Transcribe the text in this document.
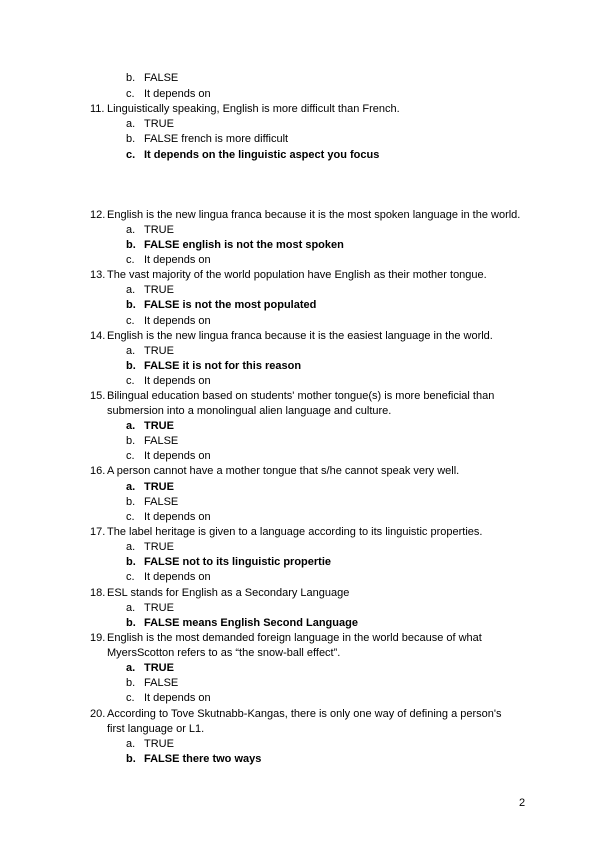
b. FALSE
c. It depends on
11. Linguistically speaking, English is more difficult than French.
a. TRUE
b. FALSE french is more difficult
c. It depends on the linguistic aspect you focus
12. English is the new lingua franca because it is the most spoken language in the world.
a. TRUE
b. FALSE english is not the most spoken
c. It depends on
13. The vast majority of the world population have English as their mother tongue.
a. TRUE
b. FALSE is not the most populated
c. It depends on
14. English is the new lingua franca because it is the easiest language in the world.
a. TRUE
b. FALSE it is not for this reason
c. It depends on
15. Bilingual education based on students' mother tongue(s) is more beneficial than
submersion into a monolingual alien language and culture.
a. TRUE
b. FALSE
c. It depends on
16. A person cannot have a mother tongue that s/he cannot speak very well.
a. TRUE
b. FALSE
c. It depends on
17. The label heritage is given to a language according to its linguistic properties.
a. TRUE
b. FALSE not to its linguistic propertie
c. It depends on
18. ESL stands for English as a Secondary Language
a. TRUE
b. FALSE means English Second Language
19. English is the most demanded foreign language in the world because of what
MyersScotton refers to as “the snow-ball effect”.
a. TRUE
b. FALSE
c. It depends on
20. According to Tove Skutnabb-Kangas, there is only one way of defining a person's
first language or L1.
a. TRUE
b. FALSE there two ways
2
